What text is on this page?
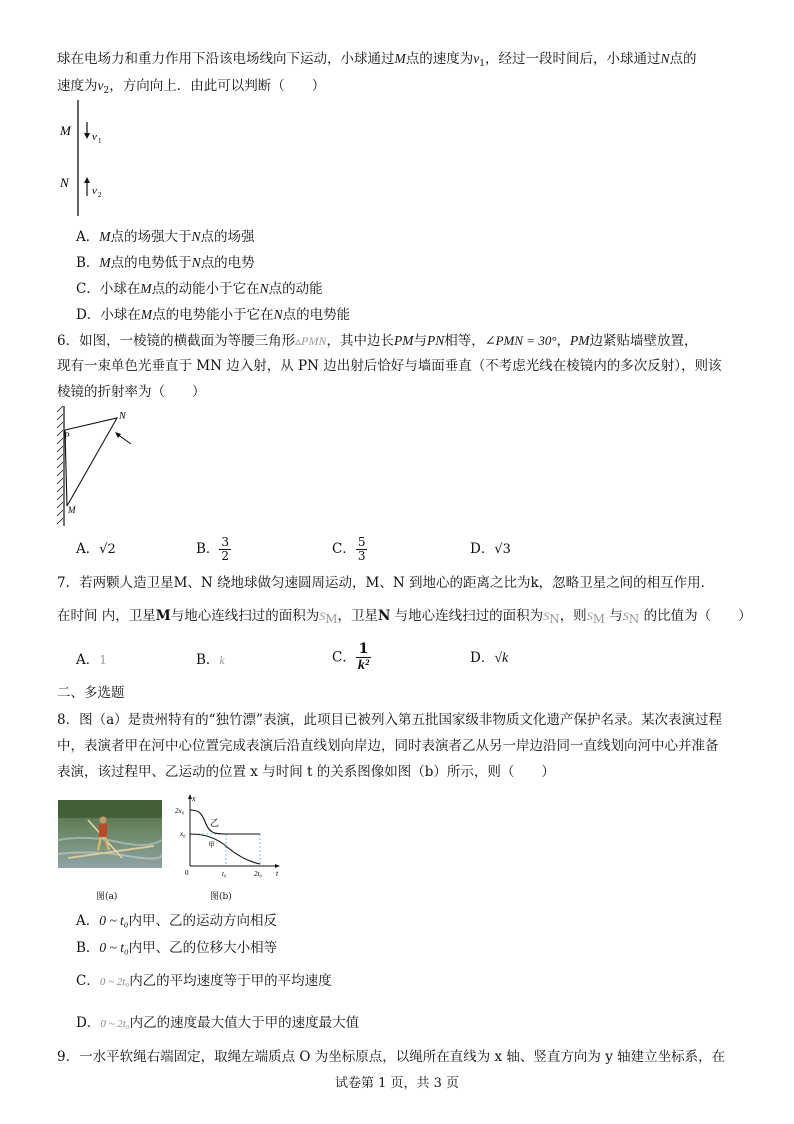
球在电场力和重力作用下沿该电场线向下运动，小球通过M点的速度为$v_1$，经过一段时间后，小球通过N点的
速度为$v_2$，方向向上．由此可以判断（　　）
M v 1
N
v 2
A．M点的场强大于N点的场强
B．M点的电势低于N点的电势
C．小球在M点的动能小于它在N点的动能
D．小球在M点的电势能小于它在N点的电势能
6．如图，一棱镜的横截面为等腰三角形▵PMN，其中边长PM与PN相等，∠PMN = 30°，PM边紧贴墙壁放置，
现有一束单色光垂直于 MN 边入射，从 PN 边出射后恰好与墙面垂直（不考虑光线在棱镜内的多次反射），则该
棱镜的折射率为（　　）
N
P
M
A．√2	B． $\frac{3}{2}$	C． $\frac{5}{3}$	D．√3
7．若两颗人造卫星M、N 绕地球做匀速圆周运动，M、N 到地心的距离之比为k，忽略卫星之间的相互作用．
在时间 内，卫星M与地心连线扫过的面积为SM，卫星N 与地心连线扫过的面积为SN，则SM 与SN 的比值为（　　）
A．1	B．k	C． $\frac{1}{\text{k²}}$	D．√k
二、多选题
8．图（a）是贵州特有的“独竹漂”表演，此项目已被列入第五批国家级非物质文化遗产保护名录。某次表演过程
中，表演者甲在河中心位置完成表演后沿直线划向岸边，同时表演者乙从另一岸边沿同一直线划向河中心并准备
表演，该过程甲、乙运动的位置 x 与时间 t 的关系图像如图（b）所示，则（　　）
x
t
2x₀
x₀
0	t₀	2t₀
乙
甲
图(a)	图(b)
A．0 ~ t₀内甲、乙的运动方向相反
B．0 ~ t₀内甲、乙的位移大小相等
C．0 ~ 2t₀内乙的平均速度等于甲的平均速度
D．0 ~ 2t₀内乙的速度最大值大于甲的速度最大值
9．一水平软绳右端固定，取绳左端质点 O 为坐标原点，以绳所在直线为 x 轴、竖直方向为 y 轴建立坐标系，在
试卷第 1 页，共 3 页
